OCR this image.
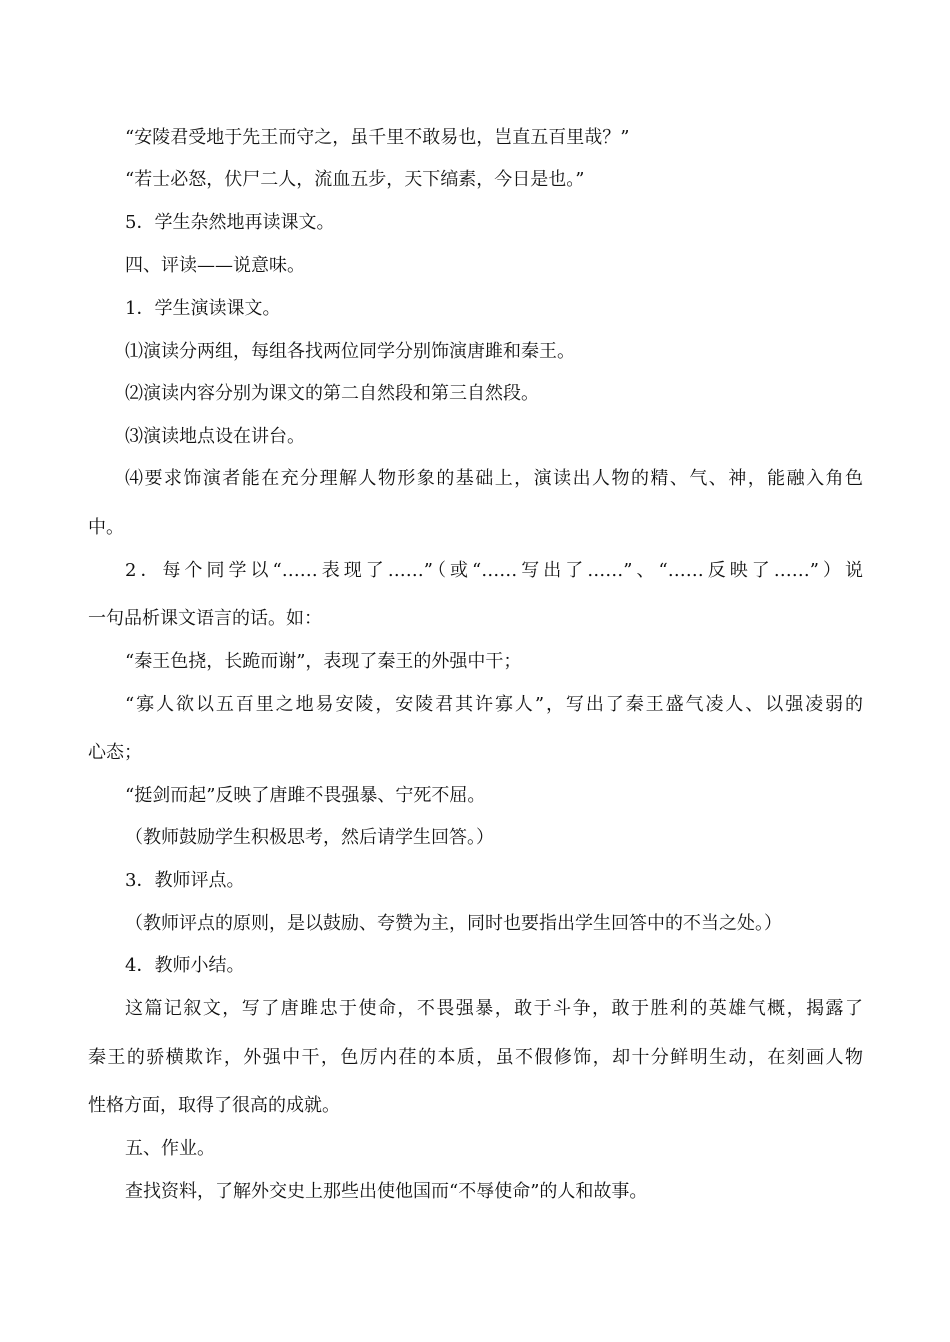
“安陵君受地于先王而守之，虽千里不敢易也，岂直五百里哉？”
“若士必怒，伏尸二人，流血五步，天下缟素，今日是也。”
5．学生杂然地再读课文。
四、评读——说意味。
1．学生演读课文。
⑴演读分两组，每组各找两位同学分别饰演唐雎和秦王。
⑵演读内容分别为课文的第二自然段和第三自然段。
⑶演读地点设在讲台。
⑷要求饰演者能在充分理解人物形象的基础上，演读出人物的精、气、神，能融入角色
中。
2．每个同学以“……表现了……”（或“……写出了……”、“……反映了……”）说
一句品析课文语言的话。如：
“秦王色挠，长跪而谢”，表现了秦王的外强中干；
“寡人欲以五百里之地易安陵，安陵君其许寡人”，写出了秦王盛气凌人、以强凌弱的
心态；
“挺剑而起”反映了唐雎不畏强暴、宁死不屈。
（教师鼓励学生积极思考，然后请学生回答。）
3．教师评点。
（教师评点的原则，是以鼓励、夸赞为主，同时也要指出学生回答中的不当之处。）
4．教师小结。
这篇记叙文，写了唐雎忠于使命，不畏强暴，敢于斗争，敢于胜利的英雄气概，揭露了
秦王的骄横欺诈，外强中干，色厉内荏的本质，虽不假修饰，却十分鲜明生动，在刻画人物
性格方面，取得了很高的成就。
五、作业。
查找资料，了解外交史上那些出使他国而“不辱使命”的人和故事。
